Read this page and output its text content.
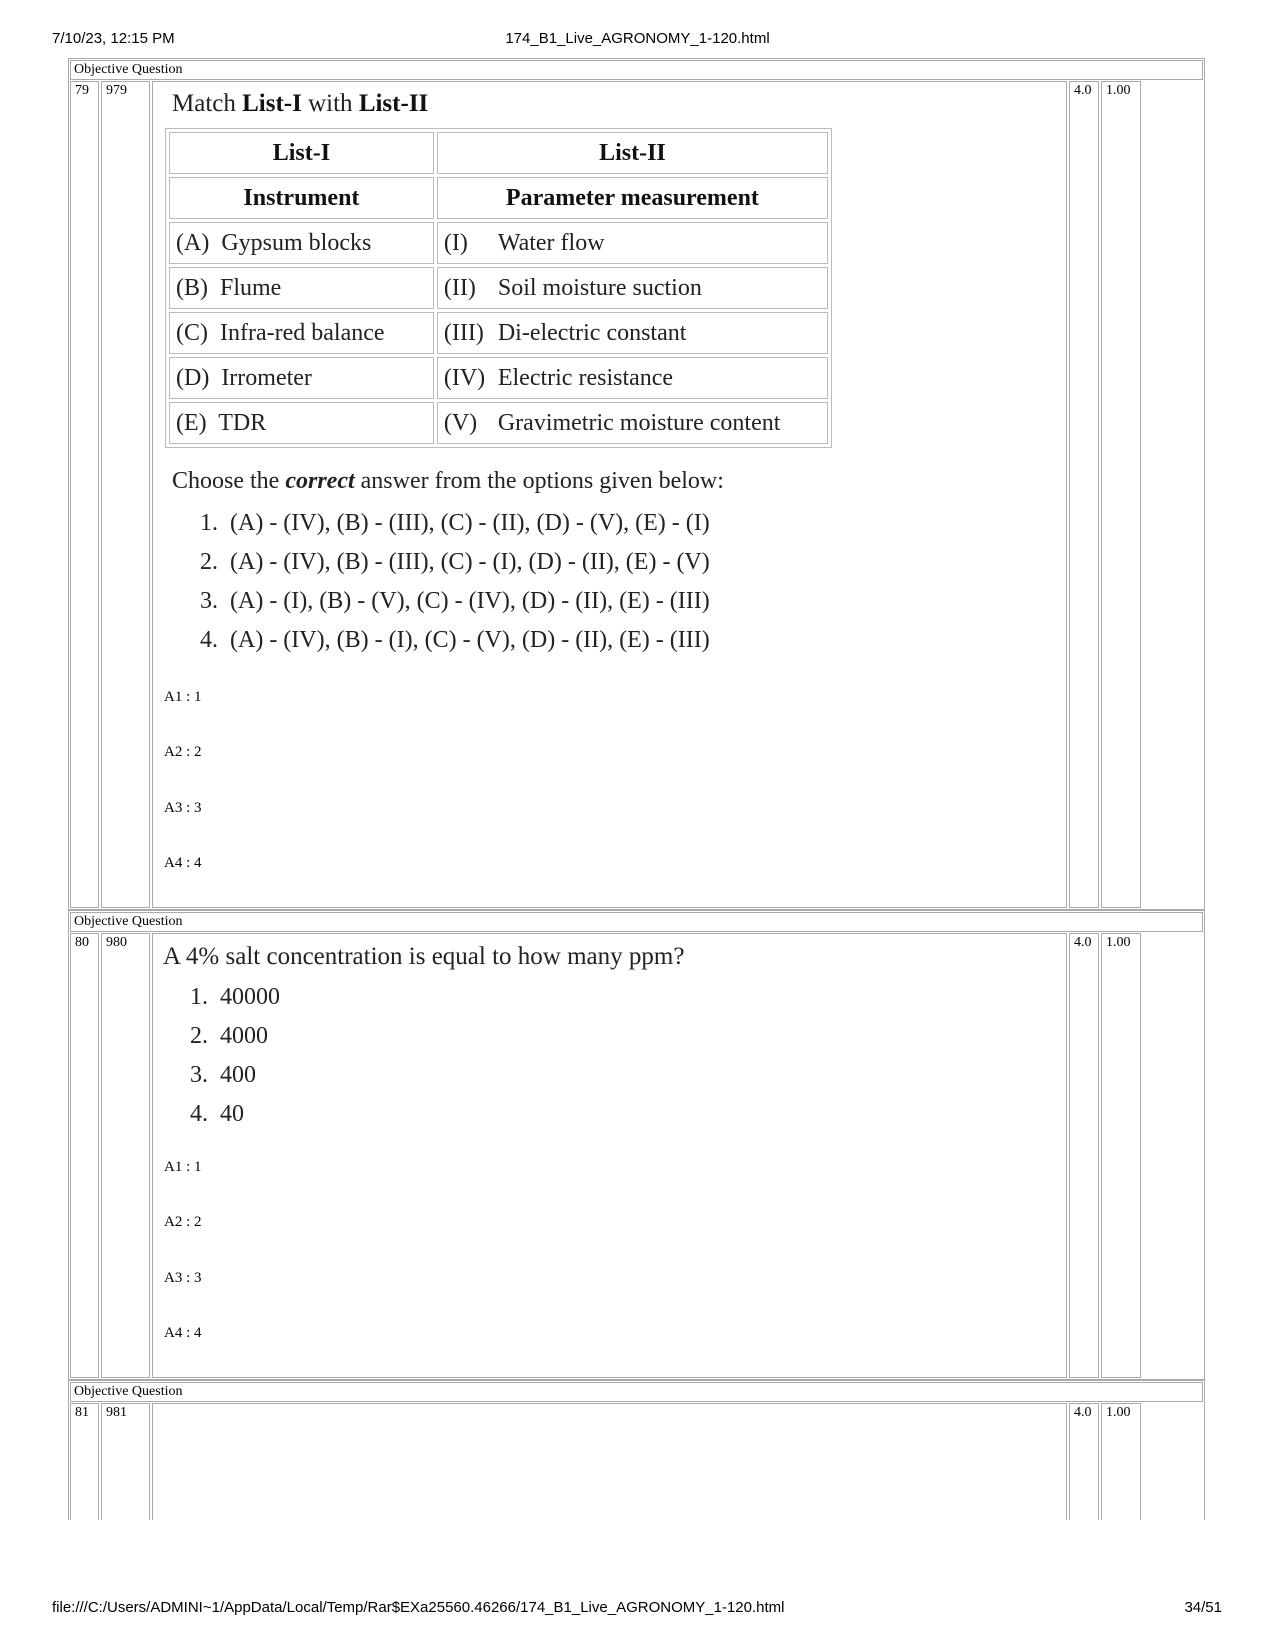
7/10/23, 12:15 PM	174_B1_Live_AGRONOMY_1-120.html
Objective Question
79	979	4.0	1.00
Match List-I with List-II
List-I	List-II
Instrument	Parameter measurement
(A)  Gypsum blocks	(I) Water flow
(B)  Flume	(II) Soil moisture suction
(C)  Infra-red balance	(III) Di-electric constant
(D)  Irrometer	(IV) Electric resistance
(E)  TDR	(V) Gravimetric moisture content
Choose the correct answer from the options given below:
1. (A) - (IV), (B) - (III), (C) - (II), (D) - (V), (E) - (I)
2. (A) - (IV), (B) - (III), (C) - (I), (D) - (II), (E) - (V)
3. (A) - (I), (B) - (V), (C) - (IV), (D) - (II), (E) - (III)
4. (A) - (IV), (B) - (I), (C) - (V), (D) - (II), (E) - (III)
A1 : 1
A2 : 2
A3 : 3
A4 : 4
Objective Question
80	980	4.0	1.00
A 4% salt concentration is equal to how many ppm?
1. 40000
2. 4000
3. 400
4. 40
A1 : 1
A2 : 2
A3 : 3
A4 : 4
Objective Question
81	981	4.0	1.00
file:///C:/Users/ADMINI~1/AppData/Local/Temp/Rar$EXa25560.46266/174_B1_Live_AGRONOMY_1-120.html	34/51
